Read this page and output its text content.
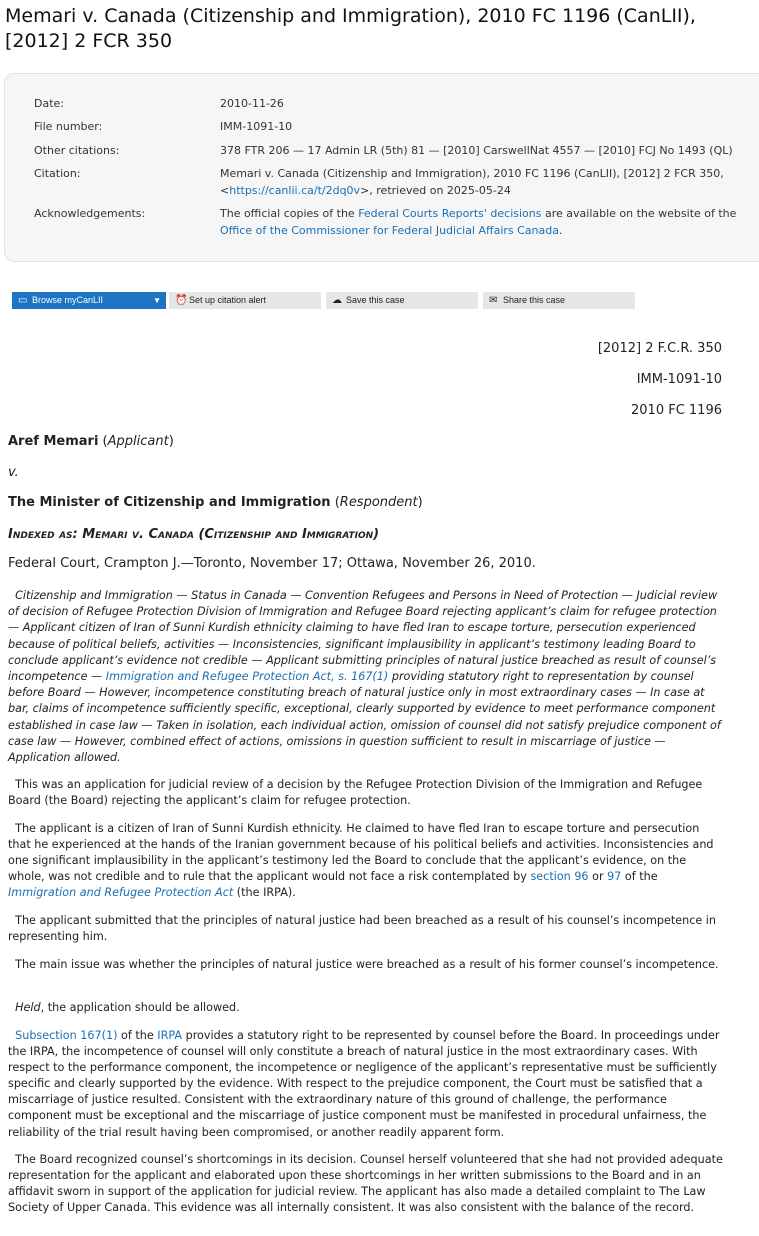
Memari v. Canada (Citizenship and Immigration), 2010 FC 1196 (CanLII), [2012] 2 FCR 350
Date:	2010-11-26
File number:	IMM-1091-10
Other citations:	378 FTR 206 — 17 Admin LR (5th) 81 — [2010] CarswellNat 4557 — [2010] FCJ No 1493 (QL)
Citation:	Memari v. Canada (Citizenship and Immigration), 2010 FC 1196 (CanLII), [2012] 2 FCR 350,
<https://canlii.ca/t/2dq0v>, retrieved on 2025-05-24
Acknowledgements:	The official copies of the Federal Courts Reports' decisions are available on the website of the Office of the Commissioner for Federal Judicial Affairs Canada.
▭ Browse myCanLII	▼ ⏰ Set up citation alert	☁ Save this case	✉ Share this case
[2012] 2 F.C.R. 350
IMM-1091-10
2010 FC 1196
Aref Memari (Applicant)
v.
The Minister of Citizenship and Immigration (Respondent)
Indexed as: Memari v. Canada (Citizenship and Immigration)
Federal Court, Crampton J.—Toronto, November 17; Ottawa, November 26, 2010.

Citizenship and Immigration — Status in Canada — Convention Refugees and Persons in Need of Protection — Judicial review of decision of Refugee Protection Division of Immigration and Refugee Board rejecting applicant’s claim for refugee protection — Applicant citizen of Iran of Sunni Kurdish ethnicity claiming to have fled Iran to escape torture, persecution experienced because of political beliefs, activities — Inconsistencies, significant implausibility in applicant’s testimony leading Board to conclude applicant’s evidence not credible — Applicant submitting principles of natural justice breached as result of counsel’s incompetence — Immigration and Refugee Protection Act, s. 167(1) providing statutory right to representation by counsel before Board — However, incompetence constituting breach of natural justice only in most extraordinary cases — In case at bar, claims of incompetence sufficiently specific, exceptional, clearly supported by evidence to meet performance component established in case law — Taken in isolation, each individual action, omission of counsel did not satisfy prejudice component of case law — However, combined effect of actions, omissions in question sufficient to result in miscarriage of justice — Application allowed.

This was an application for judicial review of a decision by the Refugee Protection Division of the Immigration and Refugee Board (the Board) rejecting the applicant’s claim for refugee protection.

The applicant is a citizen of Iran of Sunni Kurdish ethnicity. He claimed to have fled Iran to escape torture and persecution that he experienced at the hands of the Iranian government because of his political beliefs and activities. Inconsistencies and one significant implausibility in the applicant’s testimony led the Board to conclude that the applicant’s evidence, on the whole, was not credible and to rule that the applicant would not face a risk contemplated by section 96 or 97 of the Immigration and Refugee Protection Act (the IRPA).

The applicant submitted that the principles of natural justice had been breached as a result of his counsel’s incompetence in representing him.

The main issue was whether the principles of natural justice were breached as a result of his former counsel’s incompetence.

Held, the application should be allowed.

Subsection 167(1) of the IRPA provides a statutory right to be represented by counsel before the Board. In proceedings under the IRPA, the incompetence of counsel will only constitute a breach of natural justice in the most extraordinary cases. With respect to the performance component, the incompetence or negligence of the applicant’s representative must be sufficiently specific and clearly supported by the evidence. With respect to the prejudice component, the Court must be satisfied that a miscarriage of justice resulted. Consistent with the extraordinary nature of this ground of challenge, the performance component must be exceptional and the miscarriage of justice component must be manifested in procedural unfairness, the reliability of the trial result having been compromised, or another readily apparent form.

The Board recognized counsel’s shortcomings in its decision. Counsel herself volunteered that she had not provided adequate representation for the applicant and elaborated upon these shortcomings in her written submissions to the Board and in an affidavit sworn in support of the application for judicial review. The applicant has also made a detailed complaint to The Law Society of Upper Canada. This evidence was all internally consistent. It was also consistent with the balance of the record.
